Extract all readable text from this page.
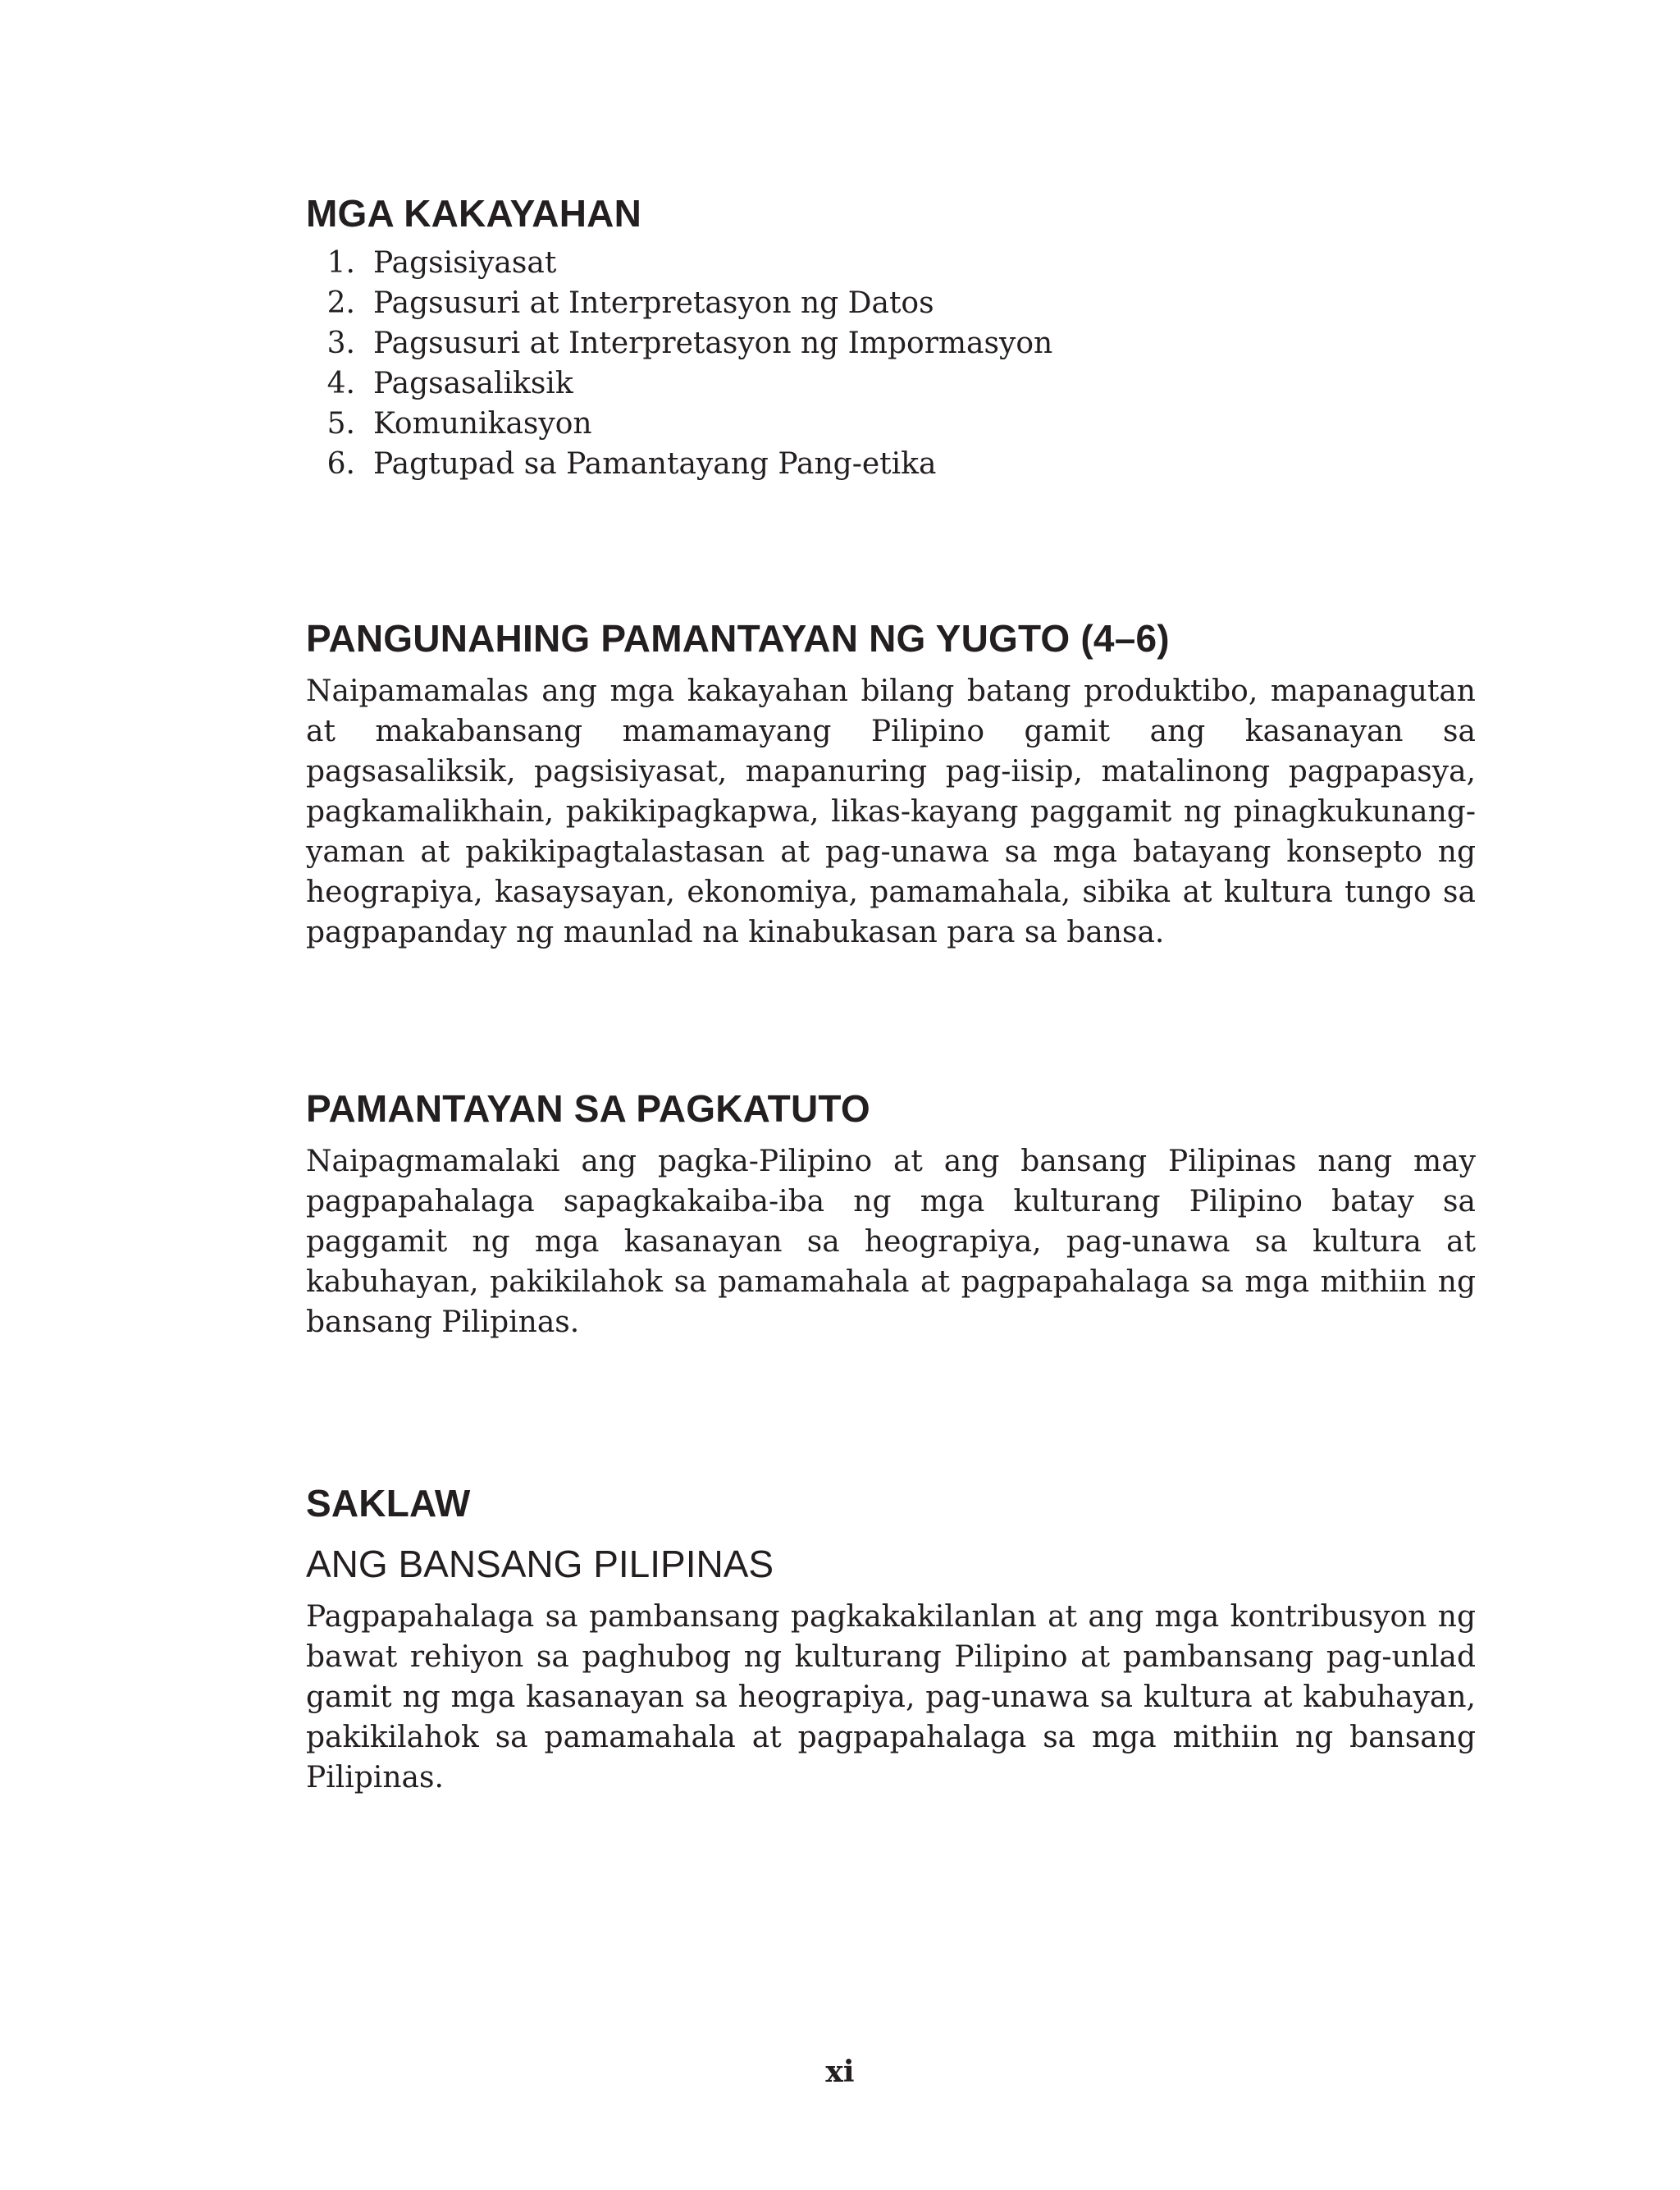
MGA KAKAYAHAN
1. Pagsisiyasat
2. Pagsusuri at Interpretasyon ng Datos
3. Pagsusuri at Interpretasyon ng Impormasyon
4. Pagsasaliksik
5. Komunikasyon
6. Pagtupad sa Pamantayang Pang-etika
PANGUNAHING PAMANTAYAN NG YUGTO (4–6)

Naipamamalas ang mga kakayahan bilang batang produktibo, mapanagutan at makabansang mamamayang Pilipino gamit ang kasanayan sa pagsasaliksik, pagsisiyasat, mapanuring pag-iisip, matalinong pagpapasya, pagkamalikhain, pakikipagkapwa, likas-kayang paggamit ng pinagkukunang-yaman at pakikipagtalastasan at pag-unawa sa mga batayang konsepto ng heograpiya, kasaysayan, ekonomiya, pamamahala, sibika at kultura tungo sa pagpapanday ng maunlad na kinabukasan para sa bansa.

PAMANTAYAN SA PAGKATUTO

Naipagmamalaki ang pagka-Pilipino at ang bansang Pilipinas nang may pagpapahalaga sapagkakaiba-iba ng mga kulturang Pilipino batay sa paggamit ng mga kasanayan sa heograpiya, pag-unawa sa kultura at kabuhayan, pakikilahok sa pamamahala at pagpapahalaga sa mga mithiin ng bansang Pilipinas.

SAKLAW
ANG BANSANG PILIPINAS

Pagpapahalaga sa pambansang pagkakakilanlan at ang mga kontribusyon ng bawat rehiyon sa paghubog ng kulturang Pilipino at pambansang pag-unlad gamit ng mga kasanayan sa heograpiya, pag-unawa sa kultura at kabuhayan, pakikilahok sa pamamahala at pagpapahalaga sa mga mithiin ng bansang Pilipinas.

xi
